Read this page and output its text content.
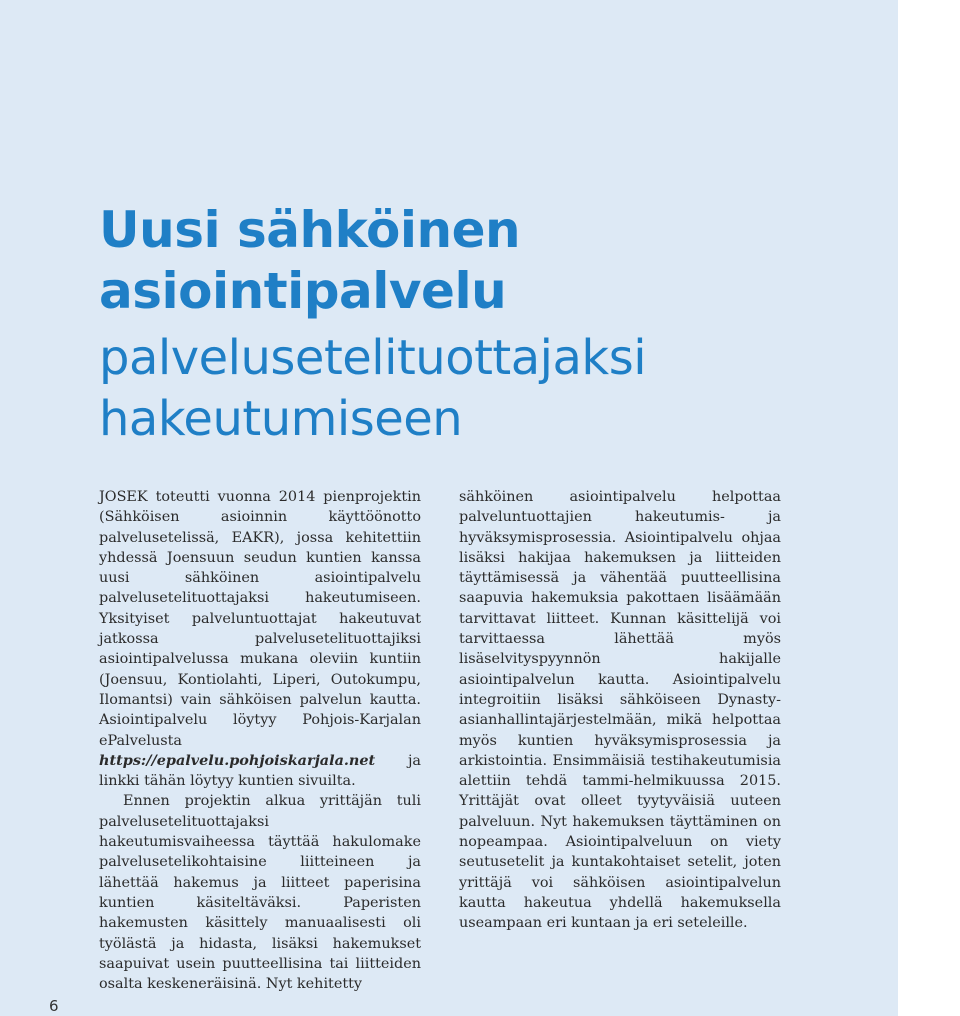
Uusi sähköinen
asiointipalvelu
palvelusetelituottajaksi
hakeutumiseen

JOSEK toteutti vuonna 2014 pienprojektin (Sähköisen asioinnin käyttöönotto palvelusetelissä, EAKR), jossa kehitettiin yhdessä Joensuun seudun kuntien kanssa uusi sähköinen asiointipalvelu palvelusetelituottajaksi hakeutumiseen. Yksityiset palveluntuottajat hakeutuvat jatkossa palvelusetelituottajiksi asiointipalvelussa mukana oleviin kuntiin (Joensuu, Kontiolahti, Liperi, Outokumpu, Ilomantsi) vain sähköisen palvelun kautta. Asiointipalvelu löytyy Pohjois-Karjalan ePalvelusta https://epalvelu.pohjoiskarjala.net ja linkki tähän löytyy kuntien sivuilta.

Ennen projektin alkua yrittäjän tuli palvelusetelituottajaksi hakeutumisvaiheessa täyttää hakulomake palvelusetelikohtaisine liitteineen ja lähettää hakemus ja liitteet paperisina kuntien käsiteltäväksi. Paperisten hakemusten käsittely manuaalisesti oli työlästä ja hidasta, lisäksi hakemukset saapuivat usein puutteellisina tai liitteiden osalta keskeneräisinä. Nyt kehitetty

sähköinen asiointipalvelu helpottaa palveluntuottajien hakeutumis- ja hyväksymisprosessia. Asiointipalvelu ohjaa lisäksi hakijaa hakemuksen ja liitteiden täyttämisessä ja vähentää puutteellisina saapuvia hakemuksia pakottaen lisäämään tarvittavat liitteet. Kunnan käsittelijä voi tarvittaessa lähettää myös lisäselvityspyynnön hakijalle asiointipalvelun kautta. Asiointipalvelu integroitiin lisäksi sähköiseen Dynasty-asianhallintajärjestelmään, mikä helpottaa myös kuntien hyväksymisprosessia ja arkistointia. Ensimmäisiä testihakeutumisia alettiin tehdä tammi-helmikuussa 2015. Yrittäjät ovat olleet tyytyväisiä uuteen palveluun. Nyt hakemuksen täyttäminen on nopeampaa. Asiointipalveluun on viety seutusetelit ja kuntakohtaiset setelit, joten yrittäjä voi sähköisen asiointipalvelun kautta hakeutua yhdellä hakemuksella useampaan eri kuntaan ja eri seteleille.

6
